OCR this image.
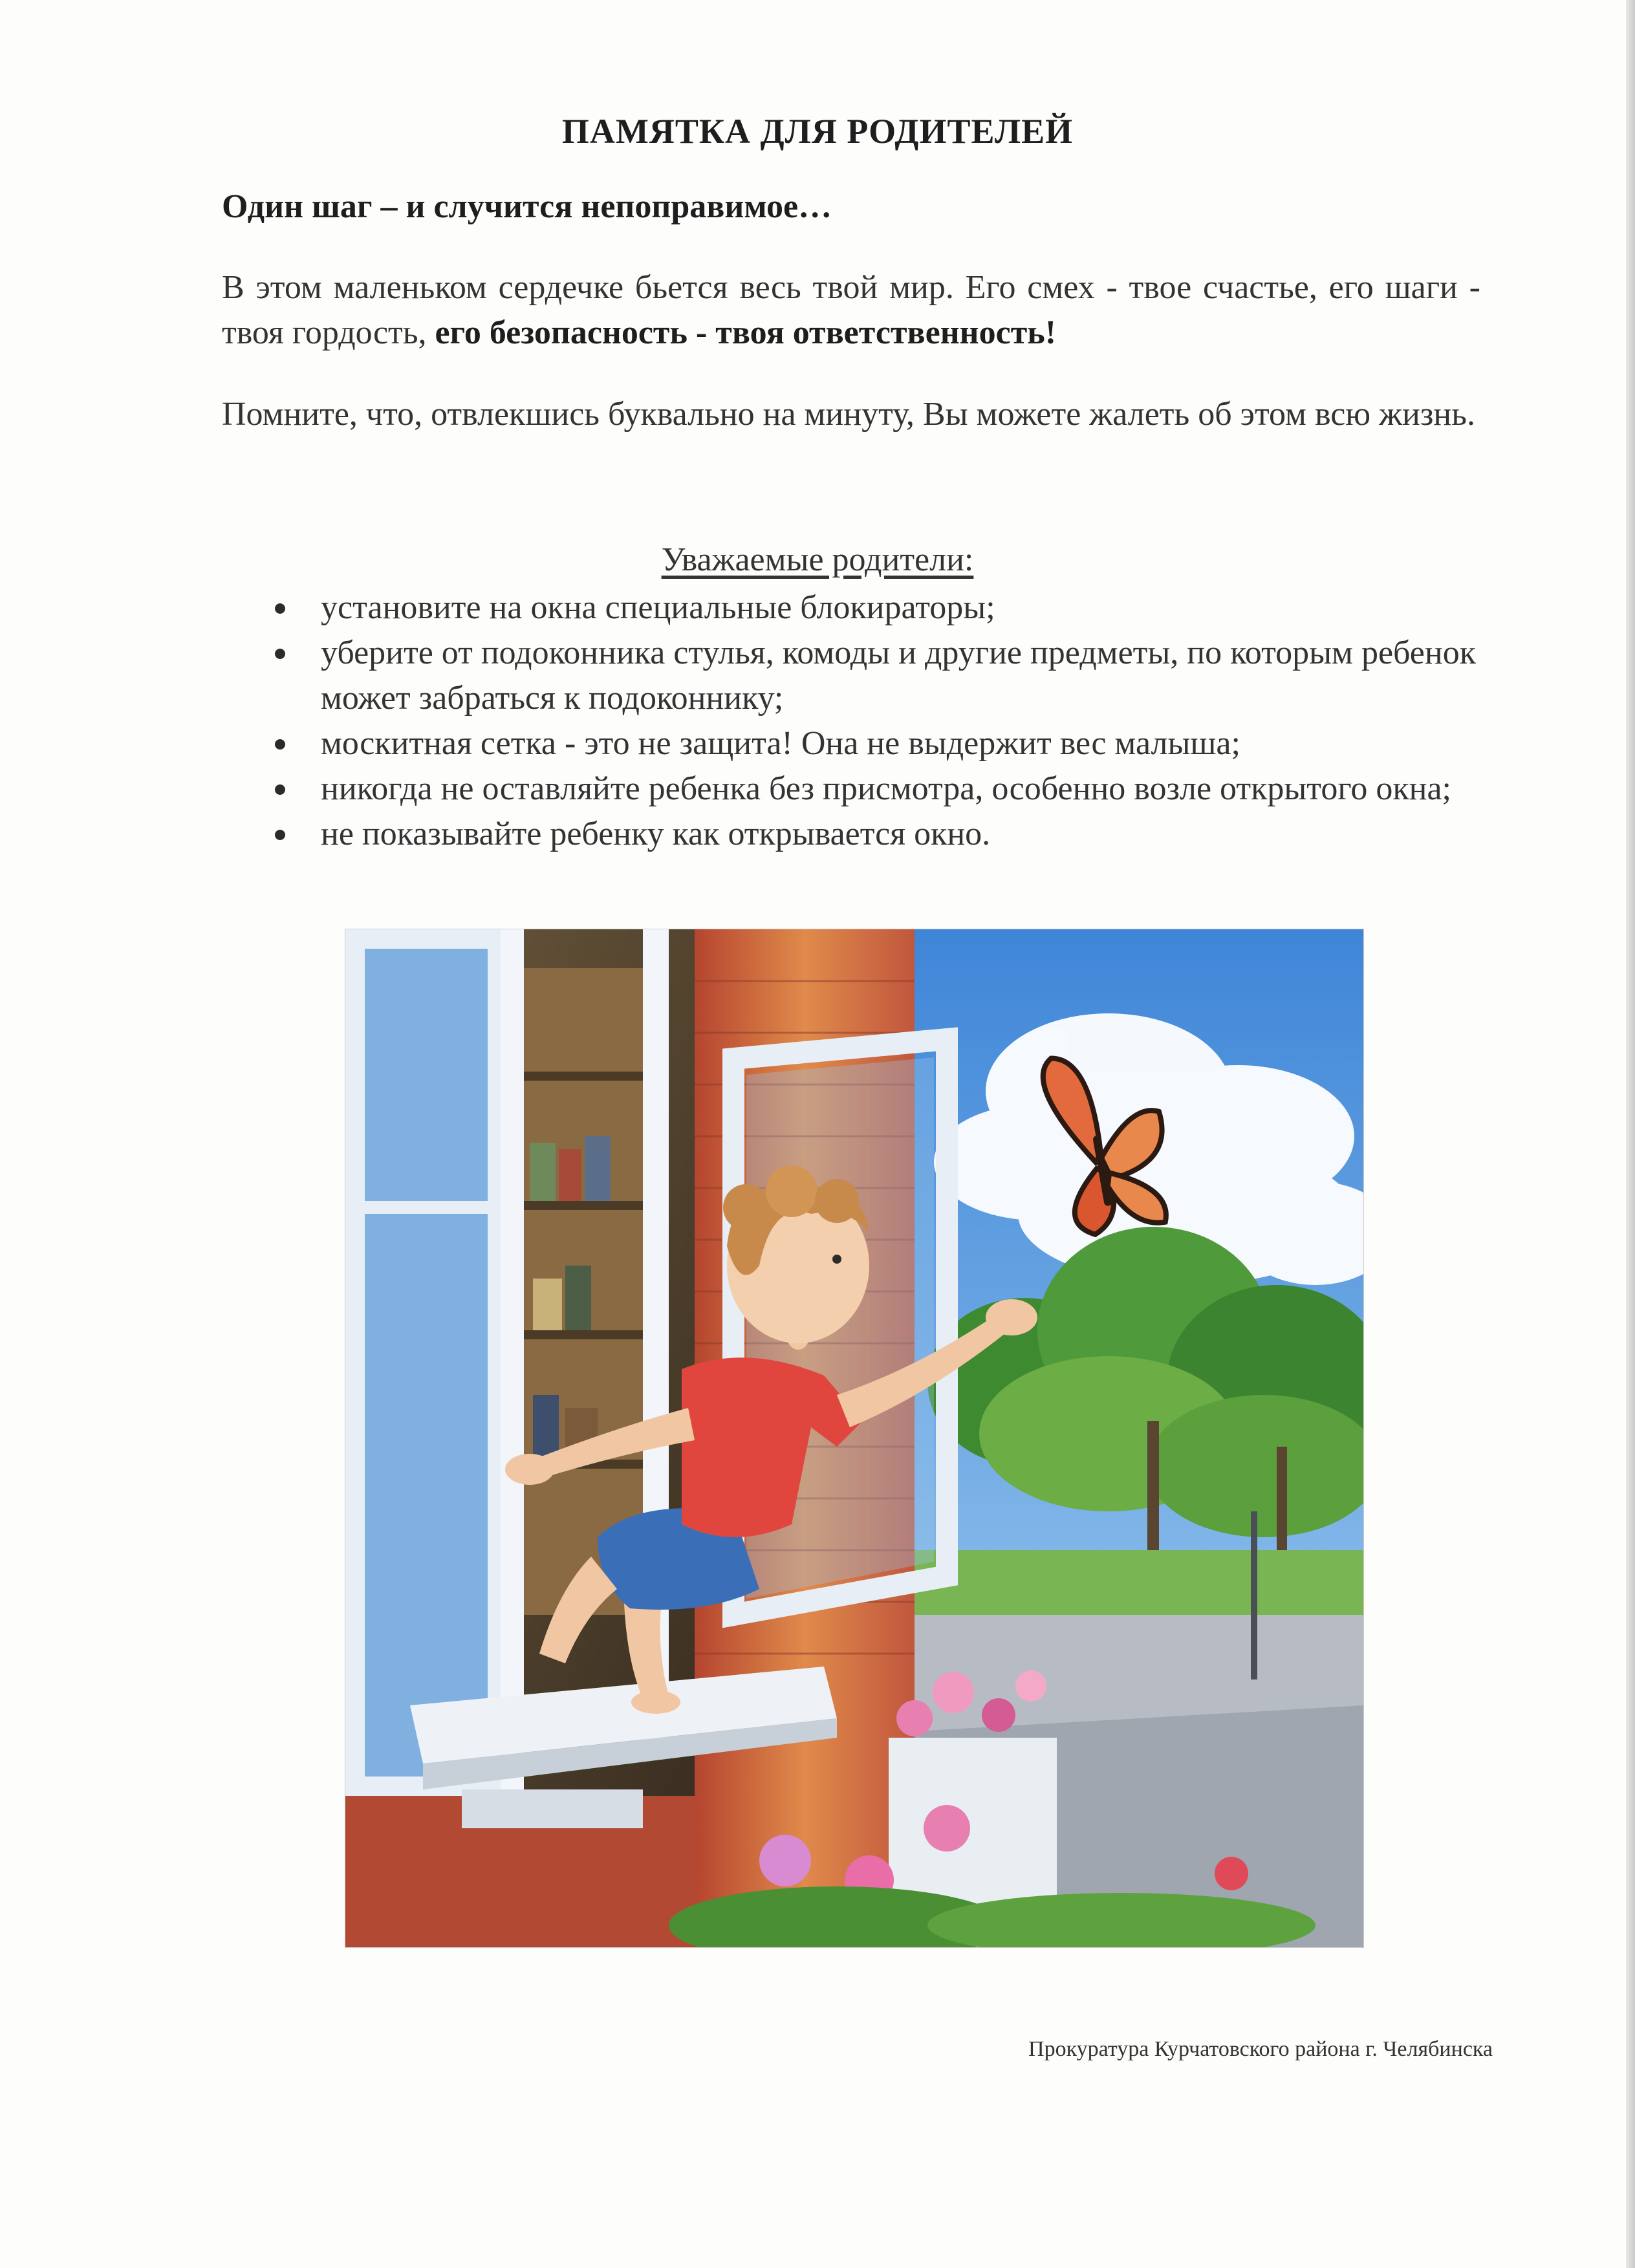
ПАМЯТКА ДЛЯ РОДИТЕЛЕЙ
Один шаг – и случится непоправимое…
В этом маленьком сердечке бьется весь твой мир. Его смех - твое счастье, его шаги - твоя гордость, его безопасность - твоя ответственность!
Помните, что, отвлекшись буквально на минуту, Вы можете жалеть об этом всю жизнь.
Уважаемые родители:
установите на окна специальные блокираторы;
уберите от подоконника стулья, комоды и другие предметы, по которым ребенок может забраться к подоконнику;
москитная сетка - это не защита! Она не выдержит вес малыша;
никогда не оставляйте ребенка без присмотра, особенно возле открытого окна;
не показывайте ребенку как открывается окно.
Прокуратура Курчатовского района г. Челябинска
